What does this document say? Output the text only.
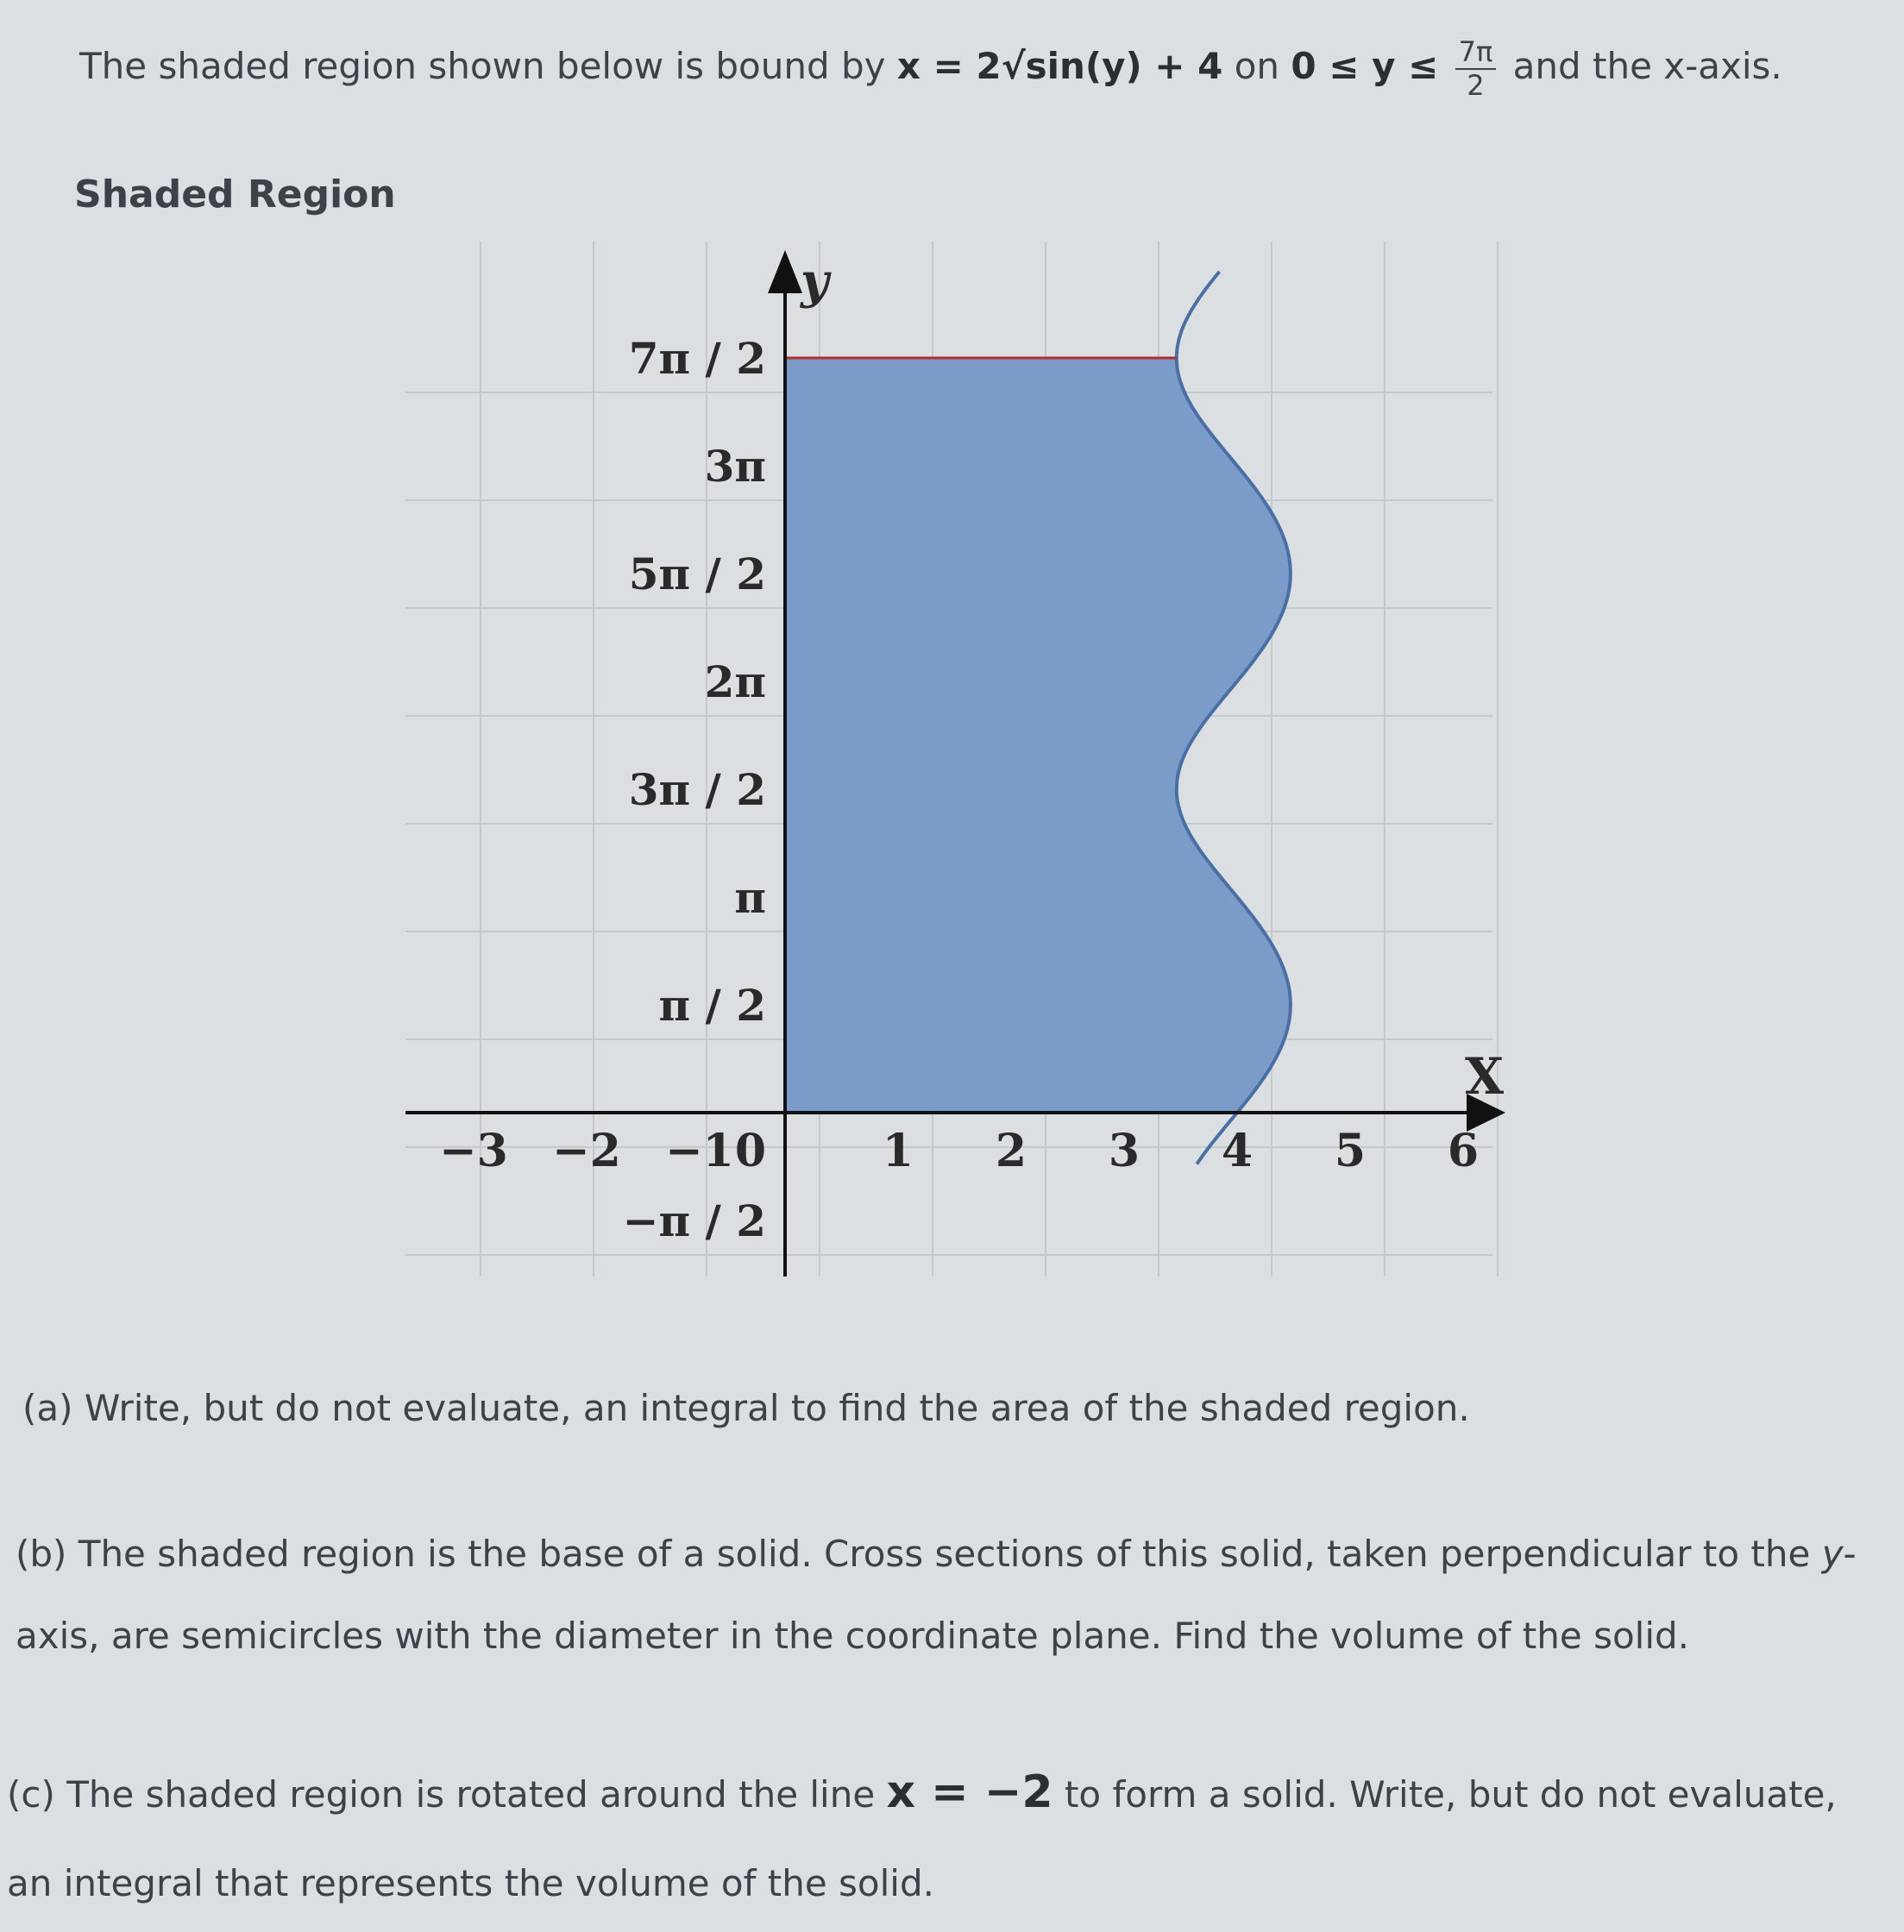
The shaded region shown below is bound by x = 2√sin(y) + 4 on $0 \le y \le \frac{7\pi}{2}$ and the x-axis.
Shaded Region
X
y
−3 −2 −1 0	1 2 3 4 5 6
−π / 2
π / 2
π
3π / 2
2π
5π / 2
3π
7π / 2
(a) Write, but do not evaluate, an integral to find the area of the shaded region.
(b) The shaded region is the base of a solid. Cross sections of this solid, taken perpendicular to the y-axis, are semicircles with the diameter in the coordinate plane. Find the volume of the solid.
(c) The shaded region is rotated around the line x = −2 to form a solid. Write, but do not evaluate, an integral that represents the volume of the solid.
